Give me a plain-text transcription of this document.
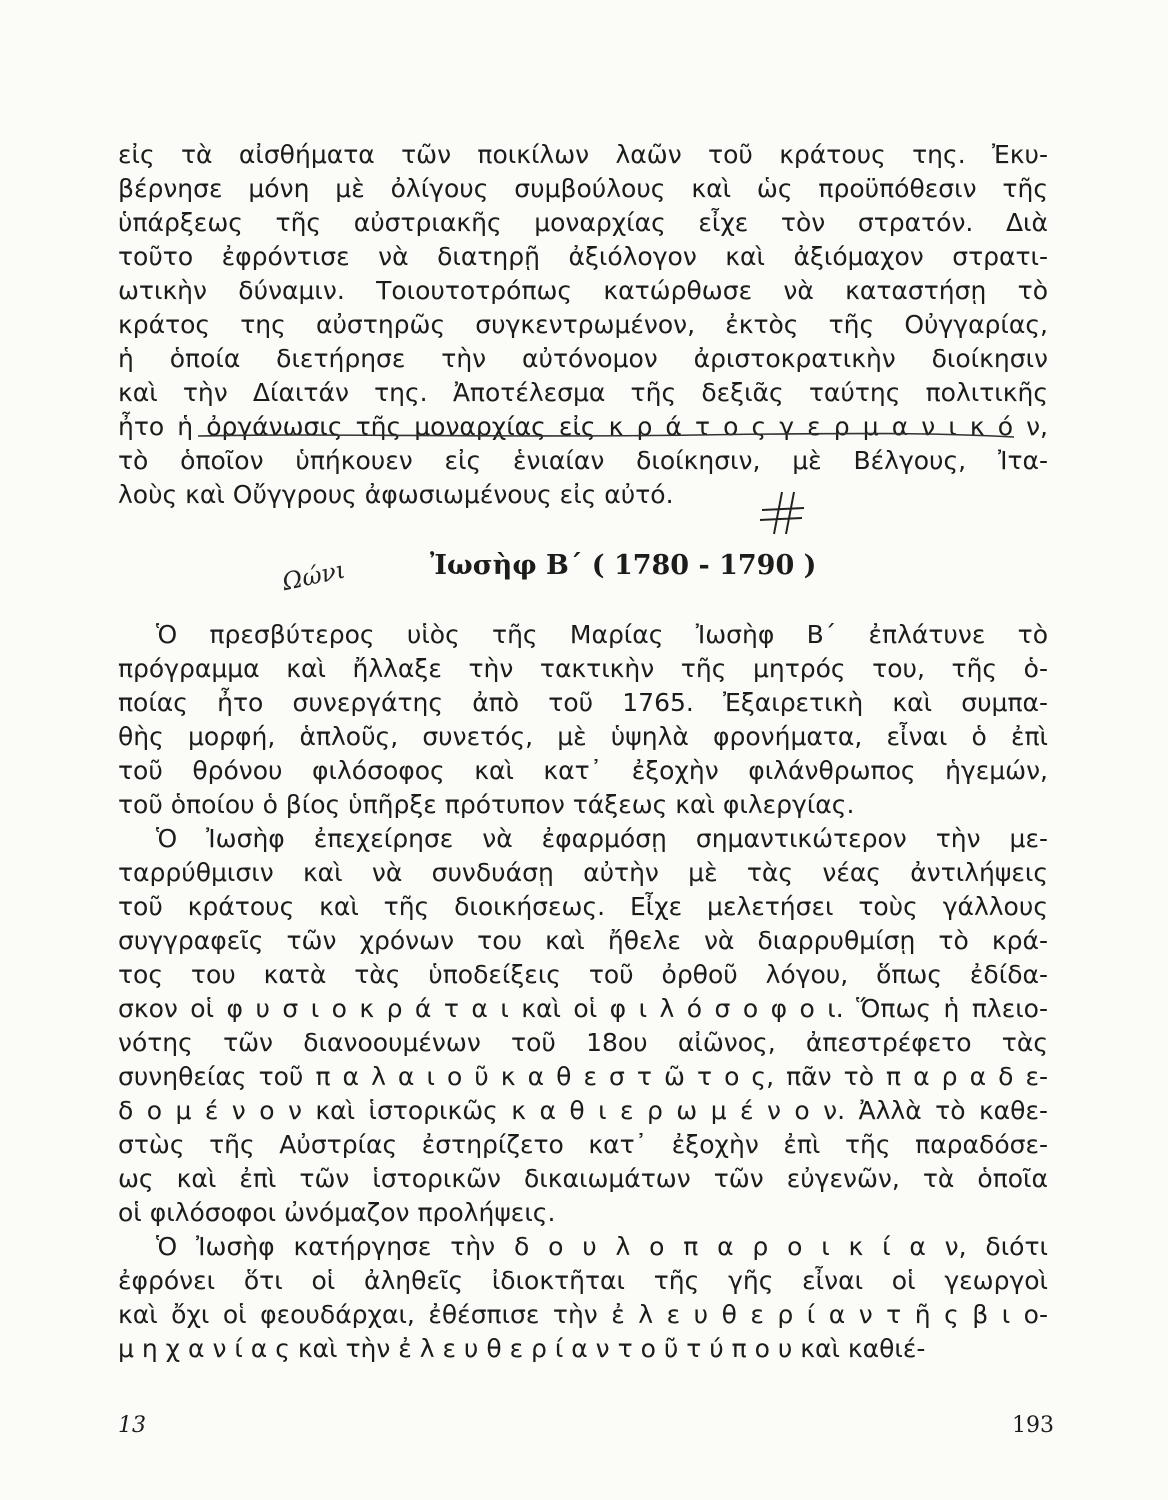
εἰς τὰ αἰσθήματα τῶν ποικίλων λαῶν τοῦ κράτους της. Ἐκυ-
βέρνησε μόνη μὲ ὀλίγους συμβούλους καὶ ὡς προϋπόθεσιν τῆς
ὑπάρξεως τῆς αὐστριακῆς μοναρχίας εἶχε τὸν στρατόν. Διὰ
τοῦτο ἐφρόντισε νὰ διατηρῇ ἀξιόλογον καὶ ἀξιόμαχον στρατι-
ωτικὴν δύναμιν. Τοιουτοτρόπως κατώρθωσε νὰ καταστήσῃ τὸ
κράτος της αὐστηρῶς συγκεντρωμένον, ἐκτὸς τῆς Οὐγγαρίας,
ἡ ὁποία διετήρησε τὴν αὐτόνομον ἀριστοκρατικὴν διοίκησιν
καὶ τὴν Δίαιτάν της. Ἀποτέλεσμα τῆς δεξιᾶς ταύτης πολιτικῆς
ἦτο ἡ ὀργάνωσις τῆς μοναρχίας εἰς κ ρ ά τ ο ς γ ε ρ μ α ν ι κ ό ν,
τὸ ὁποῖον ὑπήκουεν εἰς ἑνιαίαν διοίκησιν, μὲ Βέλγους, Ἰτα-
λοὺς καὶ Οὔγγρους ἀφωσιωμένους εἰς αὐτό.
Ὁ πρεσβύτερος υἱὸς τῆς Μαρίας Ἰωσὴφ Β΄ ἐπλάτυνε τὸ
πρόγραμμα καὶ ἤλλαξε τὴν τακτικὴν τῆς μητρός του, τῆς ὁ-
ποίας ἦτο συνεργάτης ἀπὸ τοῦ 1765. Ἐξαιρετικὴ καὶ συμπα-
θὴς μορφή, ἁπλοῦς, συνετός, μὲ ὑψηλὰ φρονήματα, εἶναι ὁ ἐπὶ
τοῦ θρόνου φιλόσοφος καὶ κατ᾿ ἐξοχὴν φιλάνθρωπος ἡγεμών,
τοῦ ὁποίου ὁ βίος ὑπῆρξε πρότυπον τάξεως καὶ φιλεργίας.
Ὁ Ἰωσὴφ ἐπεχείρησε νὰ ἐφαρμόσῃ σημαντικώτερον τὴν με-
ταρρύθμισιν καὶ νὰ συνδυάσῃ αὐτὴν μὲ τὰς νέας ἀντιλήψεις
τοῦ κράτους καὶ τῆς διοικήσεως. Εἶχε μελετήσει τοὺς γάλλους
συγγραφεῖς τῶν χρόνων του καὶ ἤθελε νὰ διαρρυθμίσῃ τὸ κρά-
τος του κατὰ τὰς ὑποδείξεις τοῦ ὀρθοῦ λόγου, ὅπως ἐδίδα-
σκον οἱ φ υ σ ι ο κ ρ ά τ α ι καὶ οἱ φ ι λ ό σ ο φ ο ι. Ὅπως ἡ πλειο-
νότης τῶν διανοουμένων τοῦ 18ου αἰῶνος, ἀπεστρέφετο τὰς
συνηθείας τοῦ π α λ α ι ο ῦ κ α θ ε σ τ ῶ τ ο ς, πᾶν τὸ π α ρ α δ ε-
δ ο μ έ ν ο ν καὶ ἱστορικῶς κ α θ ι ε ρ ω μ έ ν ο ν. Ἀλλὰ τὸ καθε-
στὼς τῆς Αὐστρίας ἐστηρίζετο κατ᾿ ἐξοχὴν ἐπὶ τῆς παραδόσε-
ως καὶ ἐπὶ τῶν ἱστορικῶν δικαιωμάτων τῶν εὐγενῶν, τὰ ὁποῖα
οἱ φιλόσοφοι ὠνόμαζον προλήψεις.
Ὁ Ἰωσὴφ κατήργησε τὴν δ ο υ λ ο π α ρ ο ι κ ί α ν, διότι
ἐφρόνει ὅτι οἱ ἀληθεῖς ἰδιοκτῆται τῆς γῆς εἶναι οἱ γεωργοὶ
καὶ ὄχι οἱ φεουδάρχαι, ἐθέσπισε τὴν ἐ λ ε υ θ ε ρ ί α ν τ ῆ ς β ι ο-
μ η χ α ν ί α ς καὶ τὴν ἐ λ ε υ θ ε ρ ί α ν τ ο ῦ τ ύ π ο υ καὶ καθιέ-
Ωώνι	Ἰωσὴφ Β΄ ( 1780 - 1790 )
13	193
